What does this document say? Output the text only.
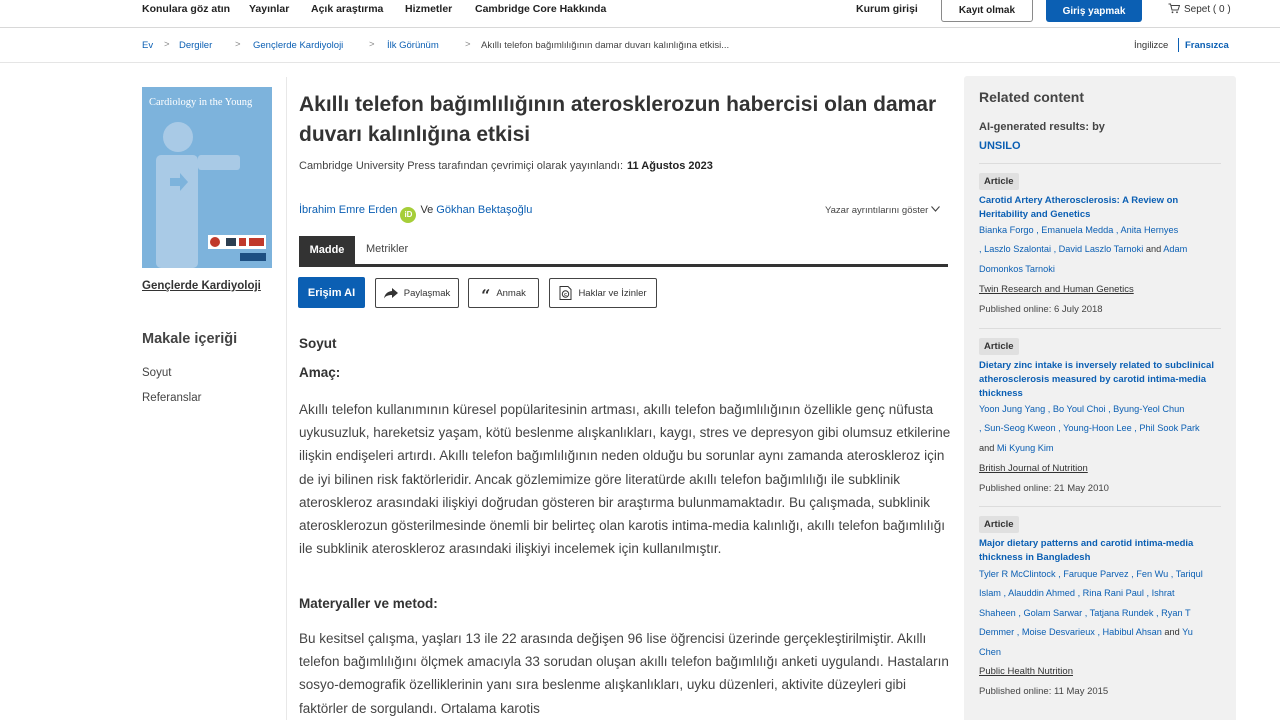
Konulara göz atın Yayınlar Açık araştırma Hizmetler Cambridge Core Hakkında	Kurum girişi	Kayıt olmak	Giriş yapmak	Sepet ( 0 )
Ev > Dergiler > Gençlerde Kardiyoloji	> İlk Görünüm	> Akıllı telefon bağımlılığının damar duvarı kalınlığına etkisi...	İngilizce Fransızca
Cardiology in the Young
Gençlerde Kardiyoloji
Makale içeriği
Soyut
Referanslar
Akıllı telefon bağımlılığının aterosklerozun habercisi olan damar duvarı kalınlığına etkisi
Cambridge University Press tarafından çevrimiçi olarak yayınlandı: 11 Ağustos 2023
İbrahim Emre Erden iD Ve Gökhan Bektaşoğlu	Yazar ayrıntılarını göster
Madde	Metrikler
Erişim AI	Paylaşmak “ Anmak	c Haklar ve İzinler
Soyut
Amaç:

Akıllı telefon kullanımının küresel popülaritesinin artması, akıllı telefon bağımlılığının özellikle genç nüfusta uykusuzluk, hareketsiz yaşam, kötü beslenme alışkanlıkları, kaygı, stres ve depresyon gibi olumsuz etkilerine ilişkin endişeleri artırdı. Akıllı telefon bağımlılığının neden olduğu bu sorunlar aynı zamanda ateroskleroz için de iyi bilinen risk faktörleridir. Ancak gözlemimize göre literatürde akıllı telefon bağımlılığı ile subklinik ateroskleroz arasındaki ilişkiyi doğrudan gösteren bir araştırma bulunmamaktadır. Bu çalışmada, subklinik aterosklerozun gösterilmesinde önemli bir belirteç olan karotis intima-media kalınlığı, akıllı telefon bağımlılığı ile subklinik ateroskleroz arasındaki ilişkiyi incelemek için kullanılmıştır.

Materyaller ve metod:

Bu kesitsel çalışma, yaşları 13 ile 22 arasında değişen 96 lise öğrencisi üzerinde gerçekleştirilmiştir. Akıllı telefon bağımlılığını ölçmek amacıyla 33 sorudan oluşan akıllı telefon bağımlılığı anketi uygulandı. Hastaların sosyo-demografik özelliklerinin yanı sıra beslenme alışkanlıkları, uyku düzenleri, aktivite düzeyleri gibi faktörler de sorgulandı. Ortalama karotis

Related content
AI-generated results: by
UNSILO
Article
Carotid Artery Atherosclerosis: A Review on Heritability and Genetics
Bianka Forgo , Emanuela Medda , Anita Hernyes
, Laszlo Szalontai , David Laszlo Tarnoki and Adam
Domonkos Tarnoki
Twin Research and Human Genetics
Published online: 6 July 2018
Article
Dietary zinc intake is inversely related to subclinical atherosclerosis measured by carotid intima-media thickness
Yoon Jung Yang , Bo Youl Choi , Byung-Yeol Chun
, Sun-Seog Kweon , Young-Hoon Lee , Phil Sook Park
and Mi Kyung Kim
British Journal of Nutrition
Published online: 21 May 2010
Article
Major dietary patterns and carotid intima-media thickness in Bangladesh
Tyler R McClintock , Faruque Parvez , Fen Wu , Tariqul
Islam , Alauddin Ahmed , Rina Rani Paul , Ishrat
Shaheen , Golam Sarwar , Tatjana Rundek , Ryan T
Demmer , Moise Desvarieux , Habibul Ahsan and Yu
Chen
Public Health Nutrition
Published online: 11 May 2015
